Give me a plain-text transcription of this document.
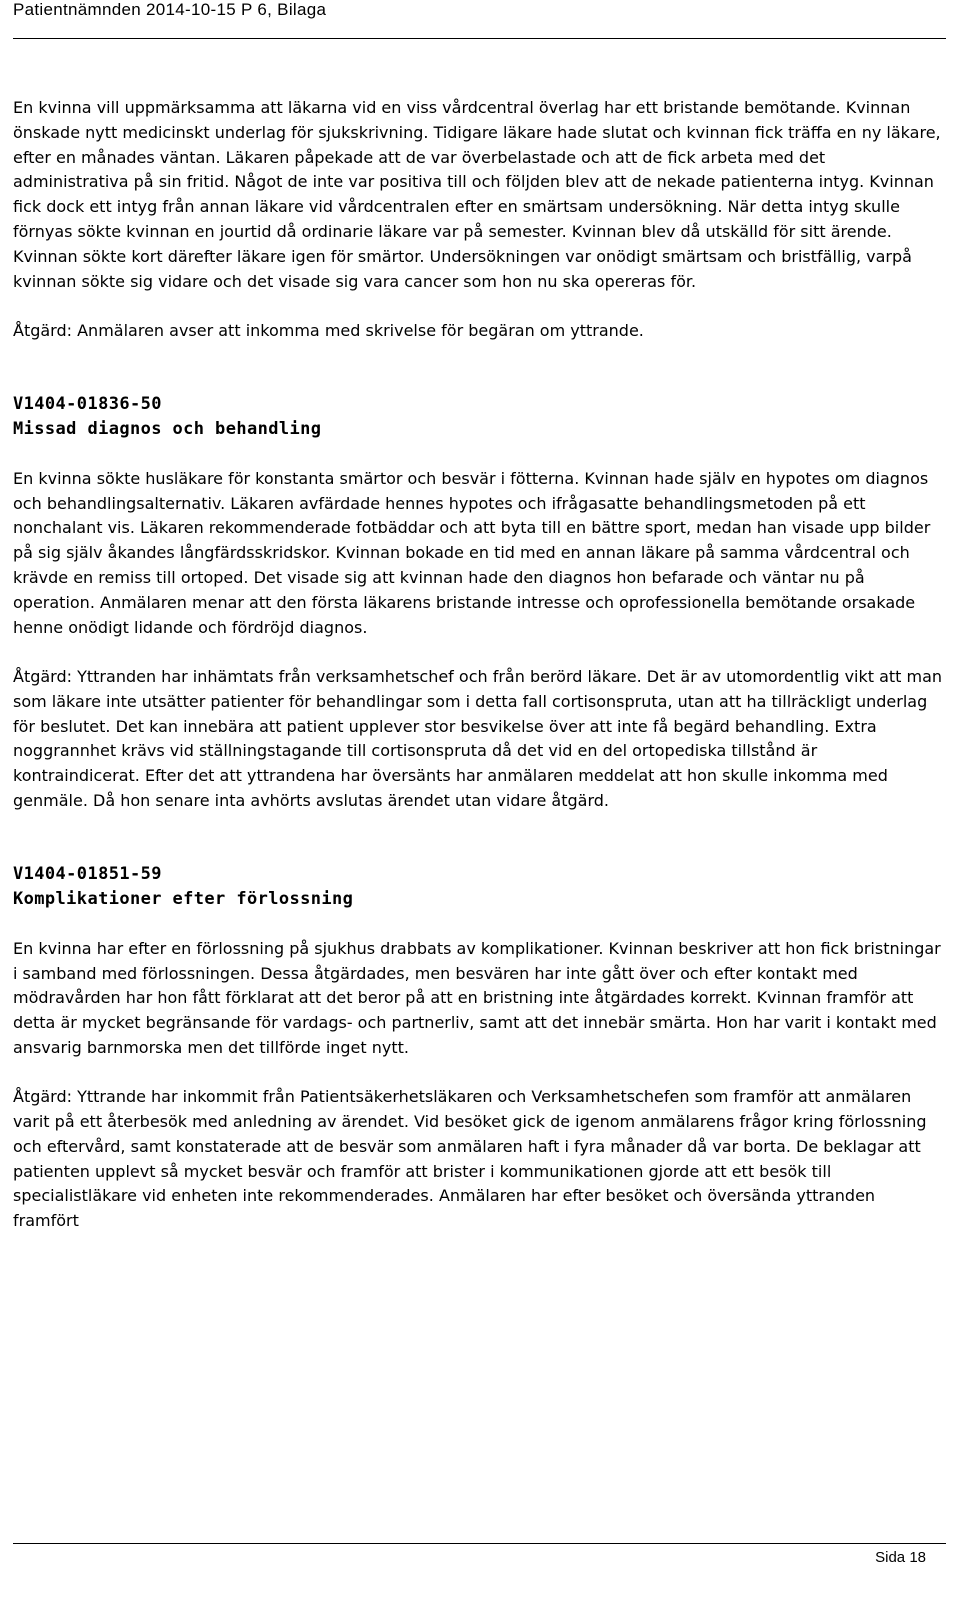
Patientnämnden 2014-10-15 P 6, Bilaga

En kvinna vill uppmärksamma att läkarna vid en viss vårdcentral överlag har ett bristande bemötande. Kvinnan önskade nytt medicinskt underlag för sjukskrivning. Tidigare läkare hade slutat och kvinnan fick träffa en ny läkare, efter en månades väntan. Läkaren påpekade att de var överbelastade och att de fick arbeta med det administrativa på sin fritid. Något de inte var positiva till och följden blev att de nekade patienterna intyg. Kvinnan fick dock ett intyg från annan läkare vid vårdcentralen efter en smärtsam undersökning. När detta intyg skulle förnyas sökte kvinnan en jourtid då ordinarie läkare var på semester. Kvinnan blev då utskälld för sitt ärende. Kvinnan sökte kort därefter läkare igen för smärtor. Undersökningen var onödigt smärtsam och bristfällig, varpå kvinnan sökte sig vidare och det visade sig vara cancer som hon nu ska opereras för.

Åtgärd: Anmälaren avser att inkomma med skrivelse för begäran om yttrande.

V1404-01836-50
Missad diagnos och behandling

En kvinna sökte husläkare för konstanta smärtor och besvär i fötterna. Kvinnan hade själv en hypotes om diagnos och behandlingsalternativ. Läkaren avfärdade hennes hypotes och ifrågasatte behandlingsmetoden på ett nonchalant vis. Läkaren rekommenderade fotbäddar och att byta till en bättre sport, medan han visade upp bilder på sig själv åkandes långfärdsskridskor. Kvinnan bokade en tid med en annan läkare på samma vårdcentral och krävde en remiss till ortoped. Det visade sig att kvinnan hade den diagnos hon befarade och väntar nu på operation. Anmälaren menar att den första läkarens bristande intresse och oprofessionella bemötande orsakade henne onödigt lidande och fördröjd diagnos.

Åtgärd: Yttranden har inhämtats från verksamhetschef och från berörd läkare. Det är av utomordentlig vikt att man som läkare inte utsätter patienter för behandlingar som i detta fall cortisonspruta, utan att ha tillräckligt underlag för beslutet. Det kan innebära att patient upplever stor besvikelse över att inte få begärd behandling. Extra noggrannhet krävs vid ställningstagande till cortisonspruta då det vid en del ortopediska tillstånd är kontraindicerat. Efter det att yttrandena har översänts har anmälaren meddelat att hon skulle inkomma med genmäle. Då hon senare inta avhörts avslutas ärendet utan vidare åtgärd.

V1404-01851-59
Komplikationer efter förlossning

En kvinna har efter en förlossning på sjukhus drabbats av komplikationer. Kvinnan beskriver att hon fick bristningar i samband med förlossningen. Dessa åtgärdades, men besvären har inte gått över och efter kontakt med mödravården har hon fått förklarat att det beror på att en bristning inte åtgärdades korrekt. Kvinnan framför att detta är mycket begränsande för vardags- och partnerliv, samt att det innebär smärta. Hon har varit i kontakt med ansvarig barnmorska men det tillförde inget nytt.

Åtgärd: Yttrande har inkommit från Patientsäkerhetsläkaren och Verksamhetschefen som framför att anmälaren varit på ett återbesök med anledning av ärendet. Vid besöket gick de igenom anmälarens frågor kring förlossning och eftervård, samt konstaterade att de besvär som anmälaren haft i fyra månader då var borta. De beklagar att patienten upplevt så mycket besvär och framför att brister i kommunikationen gjorde att ett besök till specialistläkare vid enheten inte rekommenderades. Anmälaren har efter besöket och översända yttranden framfört

Sida 18
